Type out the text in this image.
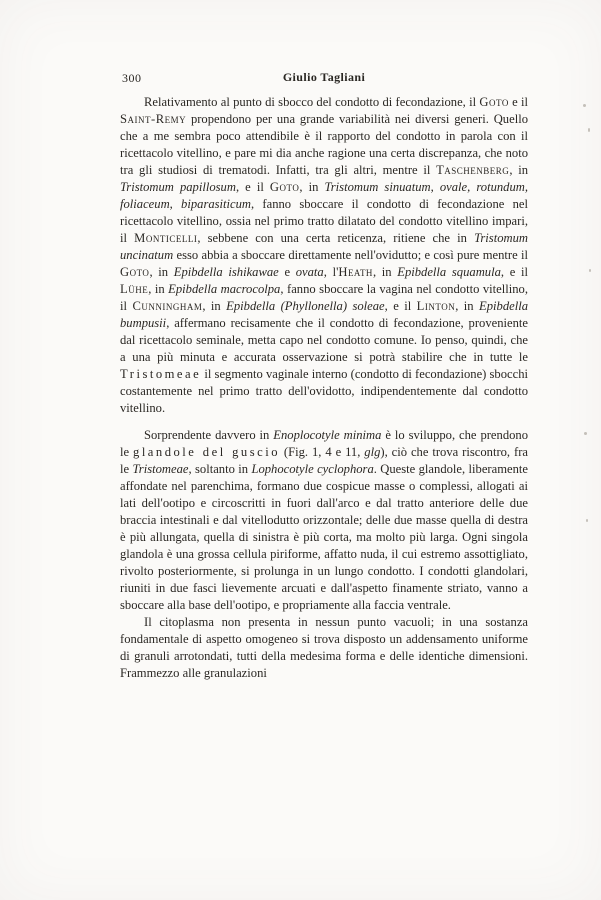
300	Giulio Tagliani

Relativamento al punto di sbocco del condotto di fecondazione, il Goto e il Saint-Remy propendono per una grande variabilità nei diversi generi. Quello che a me sembra poco attendibile è il rapporto del condotto in parola con il ricettacolo vitellino, e pare mi dia anche ragione una certa discrepanza, che noto tra gli studiosi di trematodi. Infatti, tra gli altri, mentre il Taschenberg, in Tristomum papillosum, e il Goto, in Tristomum sinuatum, ovale, rotundum, foliaceum, biparasiticum, fanno sboccare il condotto di fecondazione nel ricettacolo vitellino, ossia nel primo tratto dilatato del condotto vitellino impari, il Monticelli, sebbene con una certa reticenza, ritiene che in Tristomum uncinatum esso abbia a sboccare direttamente nell'ovidutto; e così pure mentre il Goto, in Epibdella ishikawae e ovata, l'Heath, in Epibdella squamula, e il Lühe, in Epibdella macrocolpa, fanno sboccare la vagina nel condotto vitellino, il Cunningham, in Epibdella (Phyllonella) soleae, e il Linton, in Epibdella bumpusii, affermano recisamente che il condotto di fecondazione, proveniente dal ricettacolo seminale, metta capo nel condotto comune. Io penso, quindi, che a una più minuta e accurata osservazione si potrà stabilire che in tutte le Tristomeae il segmento vaginale interno (condotto di fecondazione) sbocchi costantemente nel primo tratto dell'ovidotto, indipendentemente dal condotto vitellino.

Sorprendente davvero in Enoplocotyle minima è lo sviluppo, che prendono le glandole del guscio (Fig. 1, 4 e 11, glg), ciò che trova riscontro, fra le Tristomeae, soltanto in Lophocotyle cyclophora. Queste glandole, liberamente affondate nel parenchima, formano due cospicue masse o complessi, allogati ai lati dell'ootipo e circoscritti in fuori dall'arco e dal tratto anteriore delle due braccia intestinali e dal vitellodutto orizzontale; delle due masse quella di destra è più allungata, quella di sinistra è più corta, ma molto più larga. Ogni singola glandola è una grossa cellula piriforme, affatto nuda, il cui estremo assottigliato, rivolto posteriormente, si prolunga in un lungo condotto. I condotti glandolari, riuniti in due fasci lievemente arcuati e dall'aspetto finamente striato, vanno a sboccare alla base dell'ootipo, e propriamente alla faccia ventrale.

Il citoplasma non presenta in nessun punto vacuoli; in una sostanza fondamentale di aspetto omogeneo si trova disposto un addensamento uniforme di granuli arrotondati, tutti della medesima forma e delle identiche dimensioni. Frammezzo alle granulazioni
